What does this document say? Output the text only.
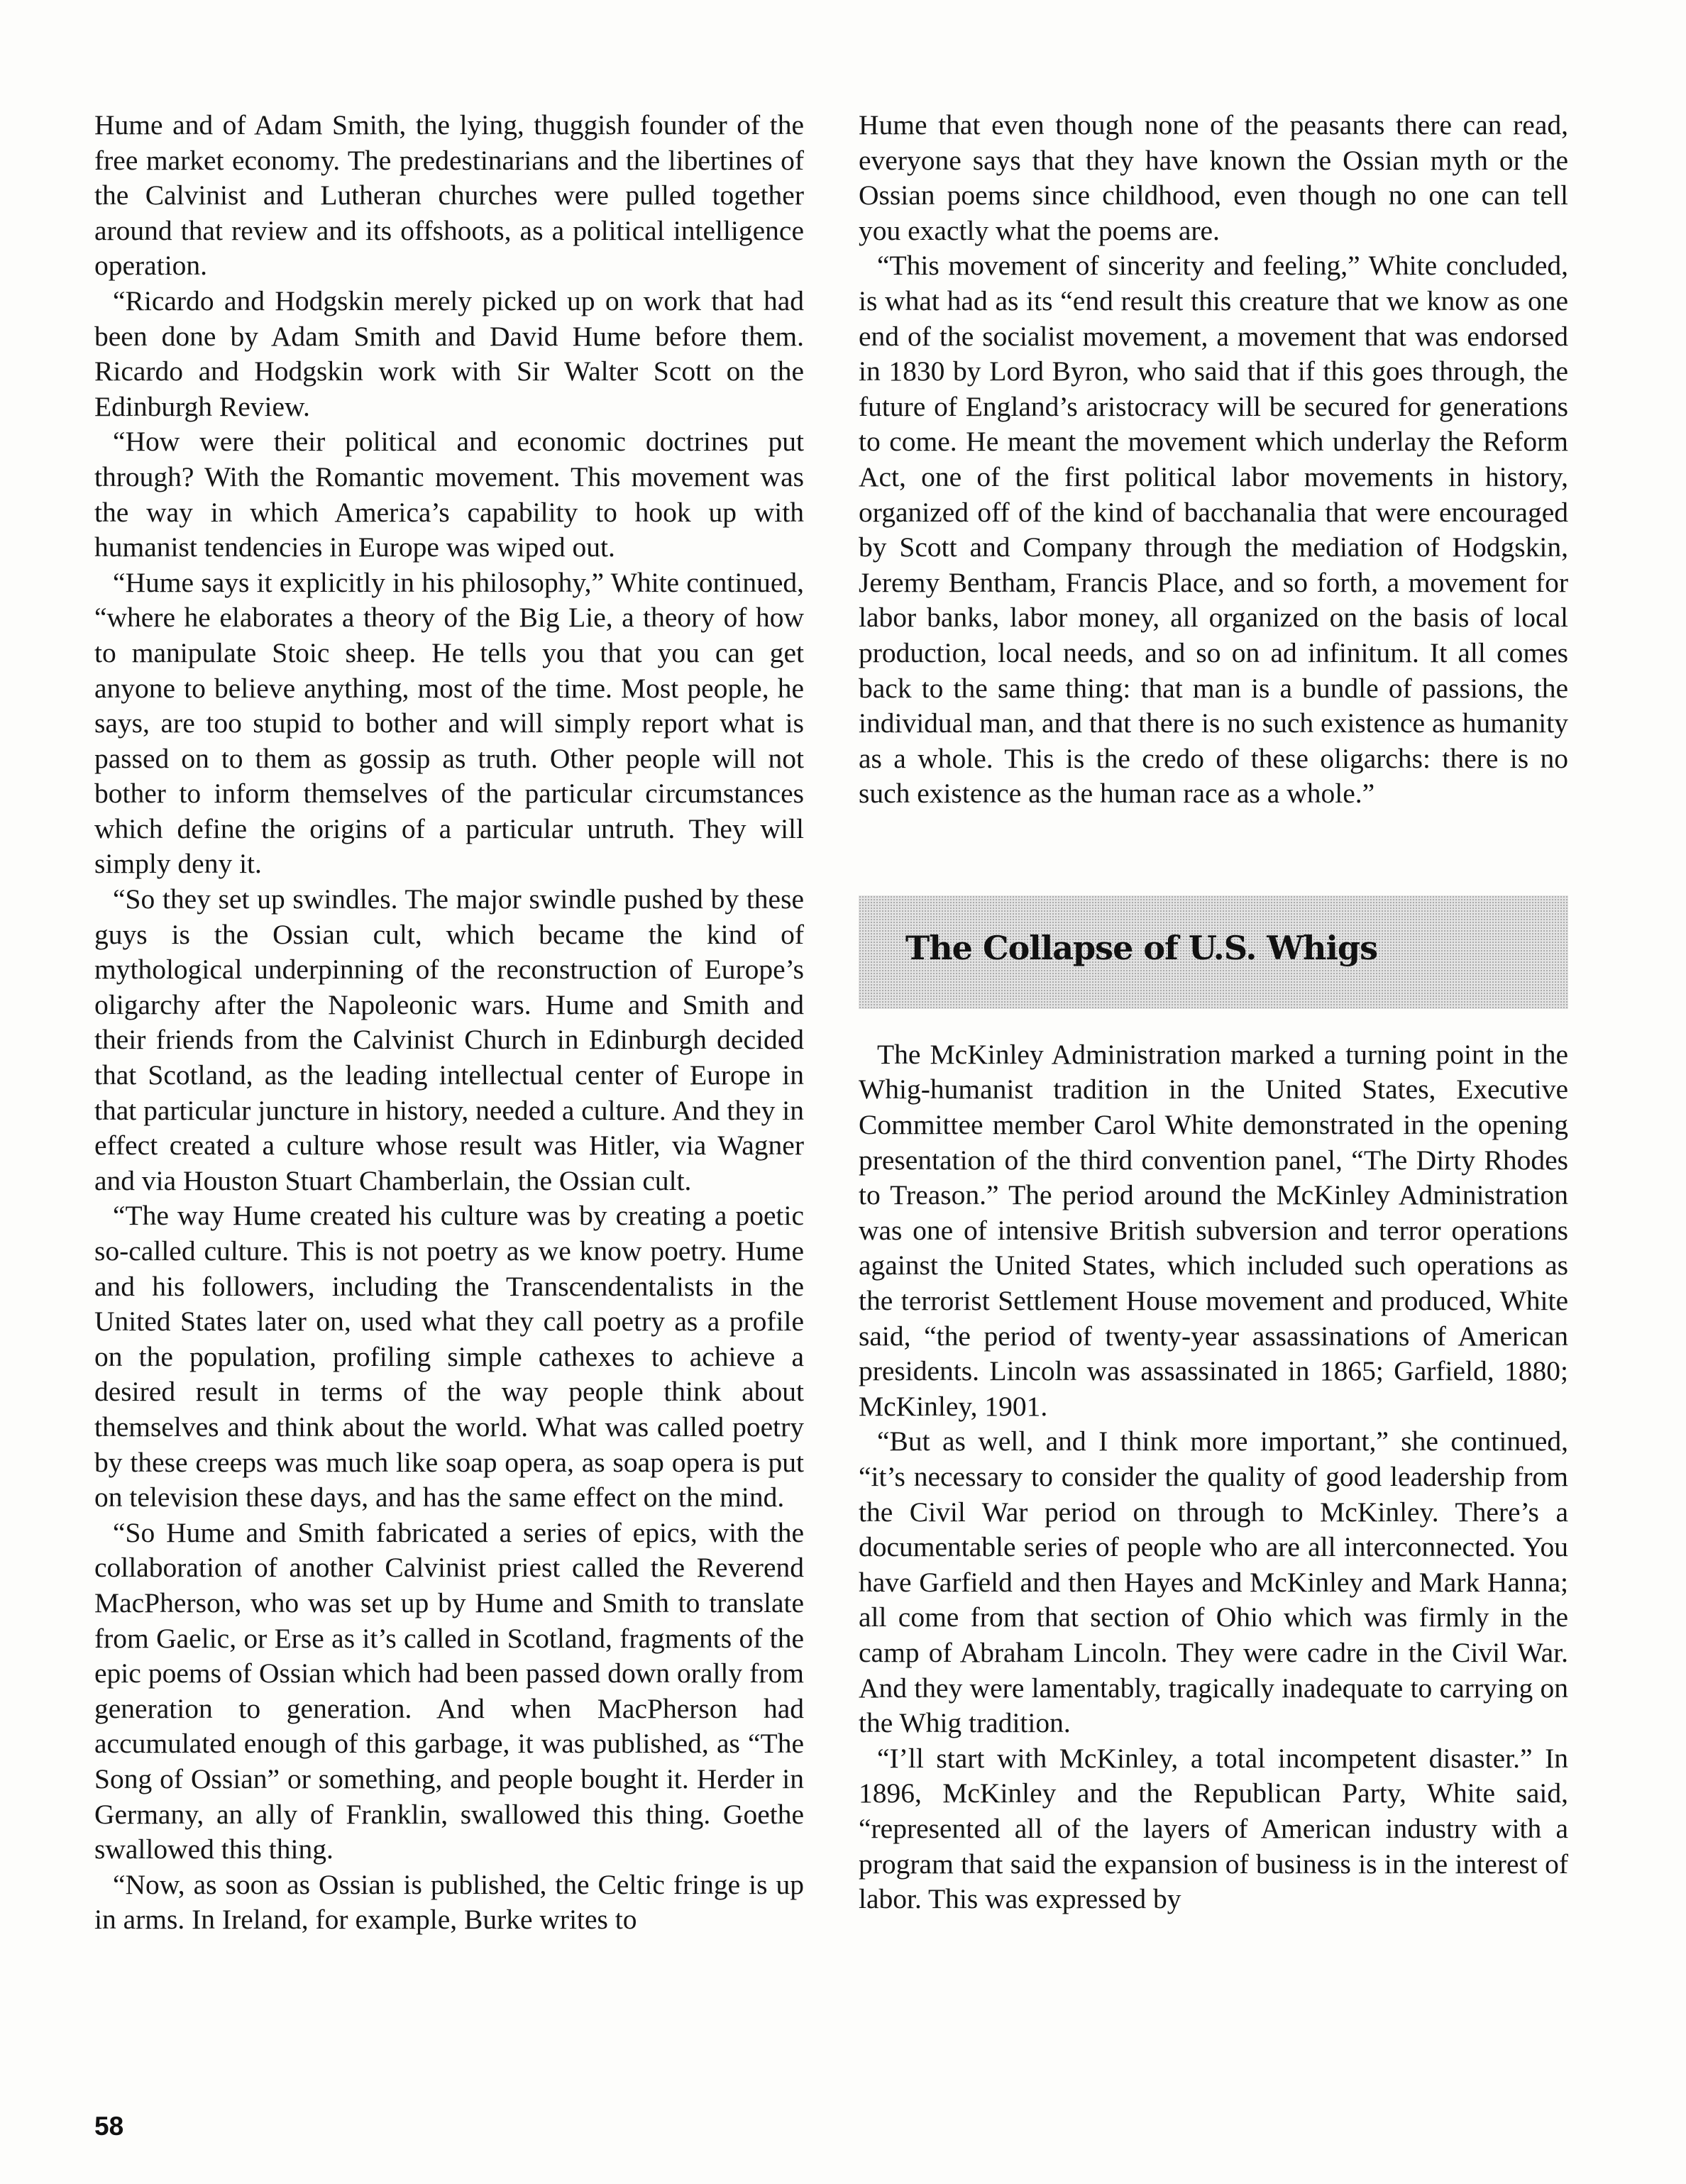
Hume and of Adam Smith, the lying, thuggish founder of the free market economy. The predestinarians and the libertines of the Calvinist and Lutheran churches were pulled together around that review and its offshoots, as a political intelligence operation.

“Ricardo and Hodgskin merely picked up on work that had been done by Adam Smith and David Hume before them. Ricardo and Hodgskin work with Sir Walter Scott on the Edinburgh Review.

“How were their political and economic doctrines put through? With the Romantic movement. This movement was the way in which America’s capability to hook up with humanist tendencies in Europe was wiped out.

“Hume says it explicitly in his philosophy,” White continued, “where he elaborates a theory of the Big Lie, a theory of how to manipulate Stoic sheep. He tells you that you can get anyone to believe anything, most of the time. Most people, he says, are too stupid to bother and will simply report what is passed on to them as gossip as truth. Other people will not bother to inform themselves of the particular circumstances which define the origins of a particular untruth. They will simply deny it.

“So they set up swindles. The major swindle pushed by these guys is the Ossian cult, which became the kind of mythological underpinning of the reconstruction of Europe’s oligarchy after the Napoleonic wars. Hume and Smith and their friends from the Calvinist Church in Edinburgh decided that Scotland, as the leading intellectual center of Europe in that particular juncture in history, needed a culture. And they in effect created a culture whose result was Hitler, via Wagner and via Houston Stuart Chamberlain, the Ossian cult.

“The way Hume created his culture was by creating a poetic so-called culture. This is not poetry as we know poetry. Hume and his followers, including the Transcendentalists in the United States later on, used what they call poetry as a profile on the population, profiling simple cathexes to achieve a desired result in terms of the way people think about themselves and think about the world. What was called poetry by these creeps was much like soap opera, as soap opera is put on television these days, and has the same effect on the mind.

“So Hume and Smith fabricated a series of epics, with the collaboration of another Calvinist priest called the Reverend MacPherson, who was set up by Hume and Smith to translate from Gaelic, or Erse as it’s called in Scotland, fragments of the epic poems of Ossian which had been passed down orally from generation to generation. And when MacPherson had accumulated enough of this garbage, it was published, as “The Song of Ossian” or something, and people bought it. Herder in Germany, an ally of Franklin, swallowed this thing. Goethe swallowed this thing.

“Now, as soon as Ossian is published, the Celtic fringe is up in arms. In Ireland, for example, Burke writes to

Hume that even though none of the peasants there can read, everyone says that they have known the Ossian myth or the Ossian poems since childhood, even though no one can tell you exactly what the poems are.

“This movement of sincerity and feeling,” White concluded, is what had as its “end result this creature that we know as one end of the socialist movement, a movement that was endorsed in 1830 by Lord Byron, who said that if this goes through, the future of England’s aristocracy will be secured for generations to come. He meant the movement which underlay the Reform Act, one of the first political labor movements in history, organized off of the kind of bacchanalia that were encouraged by Scott and Company through the mediation of Hodgskin, Jeremy Bentham, Francis Place, and so forth, a movement for labor banks, labor money, all organized on the basis of local production, local needs, and so on ad infinitum. It all comes back to the same thing: that man is a bundle of passions, the individual man, and that there is no such existence as humanity as a whole. This is the credo of these oligarchs: there is no such existence as the human race as a whole.”

The Collapse of U.S. Whigs

The McKinley Administration marked a turning point in the Whig-humanist tradition in the United States, Executive Committee member Carol White demonstrated in the opening presentation of the third convention panel, “The Dirty Rhodes to Treason.” The period around the McKinley Administration was one of intensive British subversion and terror operations against the United States, which included such operations as the terrorist Settlement House movement and produced, White said, “the period of twenty-year assassinations of American presidents. Lincoln was assassinated in 1865; Garfield, 1880; McKinley, 1901.

“But as well, and I think more important,” she continued, “it’s necessary to consider the quality of good leadership from the Civil War period on through to McKinley. There’s a documentable series of people who are all interconnected. You have Garfield and then Hayes and McKinley and Mark Hanna; all come from that section of Ohio which was firmly in the camp of Abraham Lincoln. They were cadre in the Civil War. And they were lamentably, tragically inadequate to carrying on the Whig tradition.

“I’ll start with McKinley, a total incompetent disaster.” In 1896, McKinley and the Republican Party, White said, “represented all of the layers of American industry with a program that said the expansion of business is in the interest of labor. This was expressed by

58
